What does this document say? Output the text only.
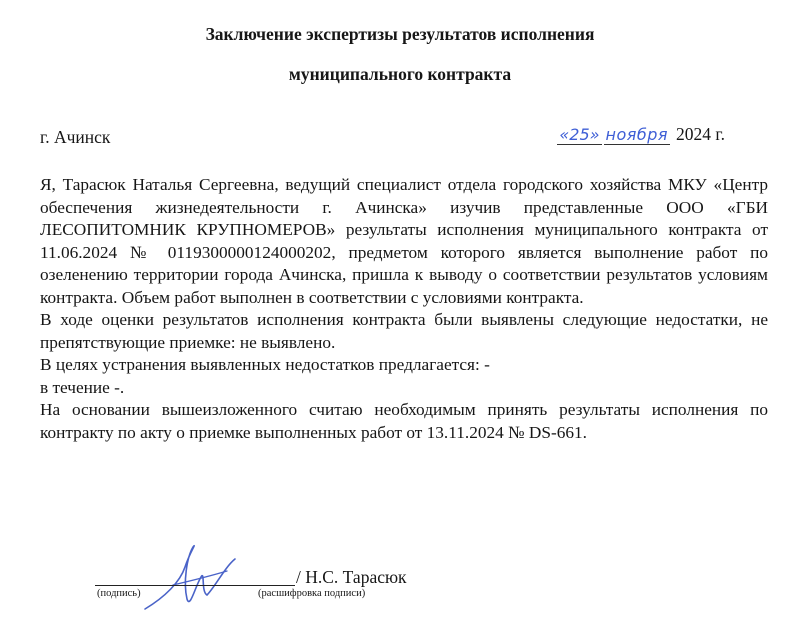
Заключение экспертизы результатов исполнения
муниципального контракта
г. Ачинск	«25» ноября 2024 г.

Я, Тарасюк Наталья Сергеевна, ведущий специалист отдела городского хозяйства МКУ «Центр обеспечения жизнедеятельности г. Ачинска» изучив представленные ООО «ГБИ ЛЕСОПИТОМНИК КРУПНОМЕРОВ» результаты исполнения муниципального контракта от 11.06.2024 № 0119300000124000202, предметом которого является выполнение работ по озеленению территории города Ачинска, пришла к выводу о соответствии результатов условиям контракта. Объем работ выполнен в соответствии с условиями контракта.

В ходе оценки результатов исполнения контракта были выявлены следующие недостатки, не препятствующие приемке: не выявлено.

В целях устранения выявленных недостатков предлагается: -

в течение -.

На основании вышеизложенного считаю необходимым принять результаты исполнения по контракту по акту о приемке выполненных работ от 13.11.2024 № DS-661.

/ Н.С. Тарасюк
(подпись)	(расшифровка подписи)
